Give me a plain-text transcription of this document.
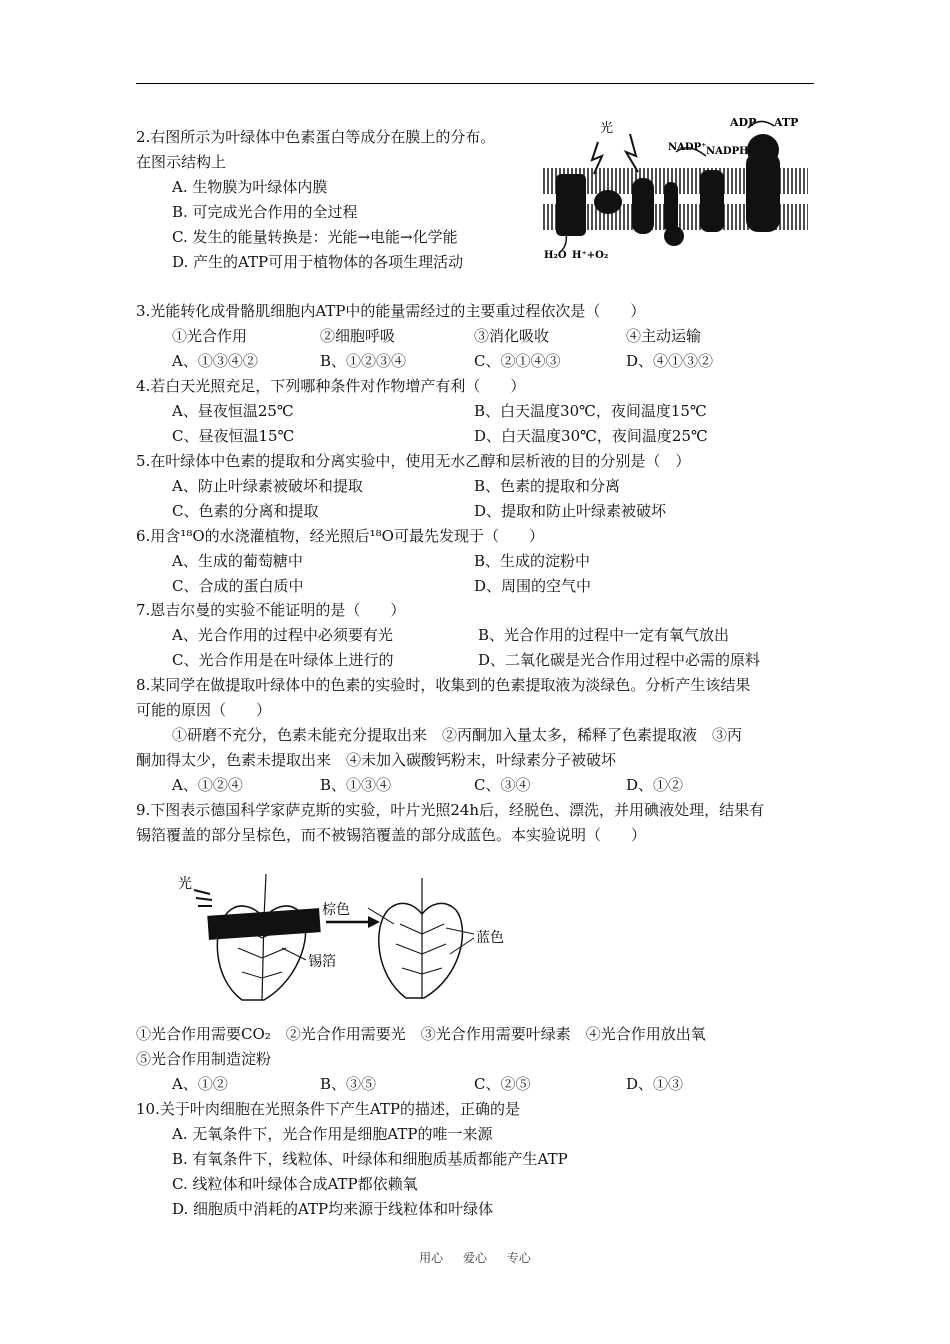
2.右图所示为叶绿体中色素蛋白等成分在膜上的分布。
在图示结构上
A. 生物膜为叶绿体内膜
B. 可完成光合作用的全过程
C. 发生的能量转换是：光能→电能→化学能
D. 产生的ATP可用于植物体的各项生理活动
光	ADP ATP
NADP⁺ NADPH
H₂O H⁺+O₂
3.光能转化成骨骼肌细胞内ATP中的能量需经过的主要重过程依次是（　　）
①光合作用	②细胞呼吸	③消化吸收	④主动运输
A、①③④②	B、①②③④	C、②①④③	D、④①③②
4.若白天光照充足，下列哪种条件对作物增产有利（　　）
A、昼夜恒温25℃	B、白天温度30℃，夜间温度15℃
C、昼夜恒温15℃	D、白天温度30℃，夜间温度25℃
5.在叶绿体中色素的提取和分离实验中，使用无水乙醇和层析液的目的分别是（　）
A、防止叶绿素被破坏和提取	B、色素的提取和分离
C、色素的分离和提取	D、提取和防止叶绿素被破坏
6.用含¹⁸O的水浇灌植物，经光照后¹⁸O可最先发现于（　　）
A、生成的葡萄糖中	B、生成的淀粉中
C、合成的蛋白质中	D、周围的空气中
7.恩吉尔曼的实验不能证明的是（　　）
A、光合作用的过程中必须要有光	B、光合作用的过程中一定有氧气放出
C、光合作用是在叶绿体上进行的	D、二氧化碳是光合作用过程中必需的原料
8.某同学在做提取叶绿体中的色素的实验时，收集到的色素提取液为淡绿色。分析产生该结果
可能的原因（　　）
①研磨不充分，色素未能充分提取出来　②丙酮加入量太多，稀释了色素提取液　③丙
酮加得太少，色素未提取出来　④未加入碳酸钙粉末，叶绿素分子被破坏
A、①②④	B、①③④	C、③④	D、①②
9.下图表示德国科学家萨克斯的实验，叶片光照24h后，经脱色、漂洗，并用碘液处理，结果有
锡箔覆盖的部分呈棕色，而不被锡箔覆盖的部分成蓝色。本实验说明（　　）
光
锡箔
棕色
蓝色
①光合作用需要CO₂　②光合作用需要光　③光合作用需要叶绿素　④光合作用放出氧
⑤光合作用制造淀粉
A、①②	B、③⑤	C、②⑤	D、①③
10.关于叶肉细胞在光照条件下产生ATP的描述，正确的是
A. 无氧条件下，光合作用是细胞ATP的唯一来源
B. 有氧条件下，线粒体、叶绿体和细胞质基质都能产生ATP
C. 线粒体和叶绿体合成ATP都依赖氧
D. 细胞质中消耗的ATP均来源于线粒体和叶绿体
用心 爱心 专心
